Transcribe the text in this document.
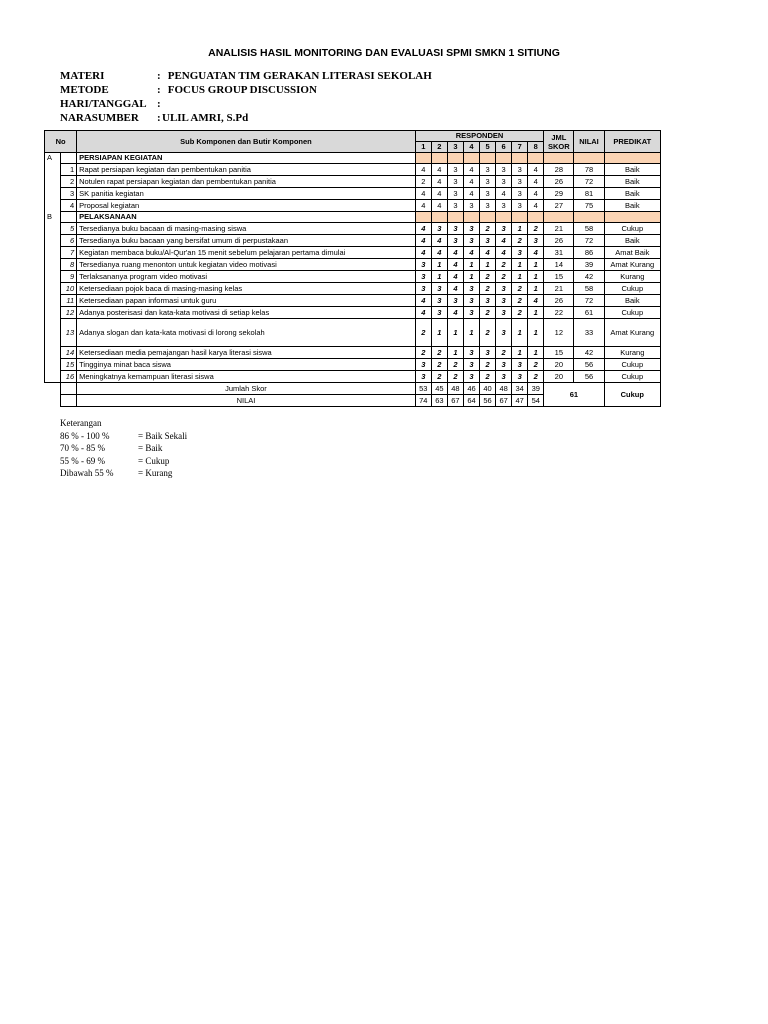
ANALISIS HASIL MONITORING DAN EVALUASI SPMI SMKN 1 SITIUNG
MATERI	: PENGUATAN TIM GERAKAN LITERASI SEKOLAH
METODE	: FOCUS GROUP DISCUSSION
HARI/TANGGAL :
NARASUMBER :ULIL AMRI, S.Pd
No		Sub Komponen dan Butir Komponen	RESPONDEN								JML SKOR	NILAI	PREDIKAT
			1	2	3	4	5	6	7	8			
A		PERSIAPAN KEGIATAN											
	1	Rapat persiapan kegiatan dan pembentukan panitia	4	4	3	4	3	3	3	4	28	78	Baik
	2	Notulen rapat persiapan kegiatan dan pembentukan panitia	2	4	3	4	3	3	3	4	26	72	Baik
	3	SK panitia kegiatan	4	4	3	4	3	4	3	4	29	81	Baik
	4	Proposal kegiatan	4	4	3	3	3	3	3	4	27	75	Baik
B		PELAKSANAAN											
	5	Tersedianya buku bacaan di masing-masing siswa	4	3	3	3	2	3	1	2	21	58	Cukup
	6	Tersedianya buku bacaan yang bersifat umum di perpustakaan	4	4	3	3	3	4	2	3	26	72	Baik
	7	Kegiatan membaca buku/Al-Qur'an 15 menit sebelum pelajaran pertama dimulai	4	4	4	4	4	4	3	4	31	86	Amat Baik
	8	Tersedianya ruang menonton untuk kegiatan video motivasi	3	1	4	1	1	2	1	1	14	39	Amat Kurang
	9	Terlaksananya program video motivasi	3	1	4	1	2	2	1	1	15	42	Kurang
	10	Ketersediaan pojok baca di masing-masing kelas	3	3	4	3	2	3	2	1	21	58	Cukup
	11	Ketersediaan papan informasi untuk guru	4	3	3	3	3	3	2	4	26	72	Baik
	12	Adanya posterisasi dan kata-kata motivasi di setiap kelas	4	3	4	3	2	3	2	1	22	61	Cukup
	13	Adanya slogan dan kata-kata motivasi di lorong sekolah	2	1	1	1	2	3	1	1	12	33	Amat Kurang
	14	Ketersediaan media pemajangan hasil karya literasi siswa	2	2	1	3	3	2	1	1	15	42	Kurang
	15	Tingginya minat baca siswa	3	2	2	3	2	3	3	2	20	56	Cukup
	16	Meningkatnya kemampuan literasi siswa	3	2	2	3	2	3	3	2	20	56	Cukup
		Jumlah Skor	53	45	48	46	40	48	34	39	61		Cukup
		NILAI	74	63	67	64	56	67	47	54			
Keterangan
86 % - 100 %	= Baik Sekali
70 % - 85 %	= Baik
55 % - 69 %	= Cukup
Dibawah 55 %	= Kurang
